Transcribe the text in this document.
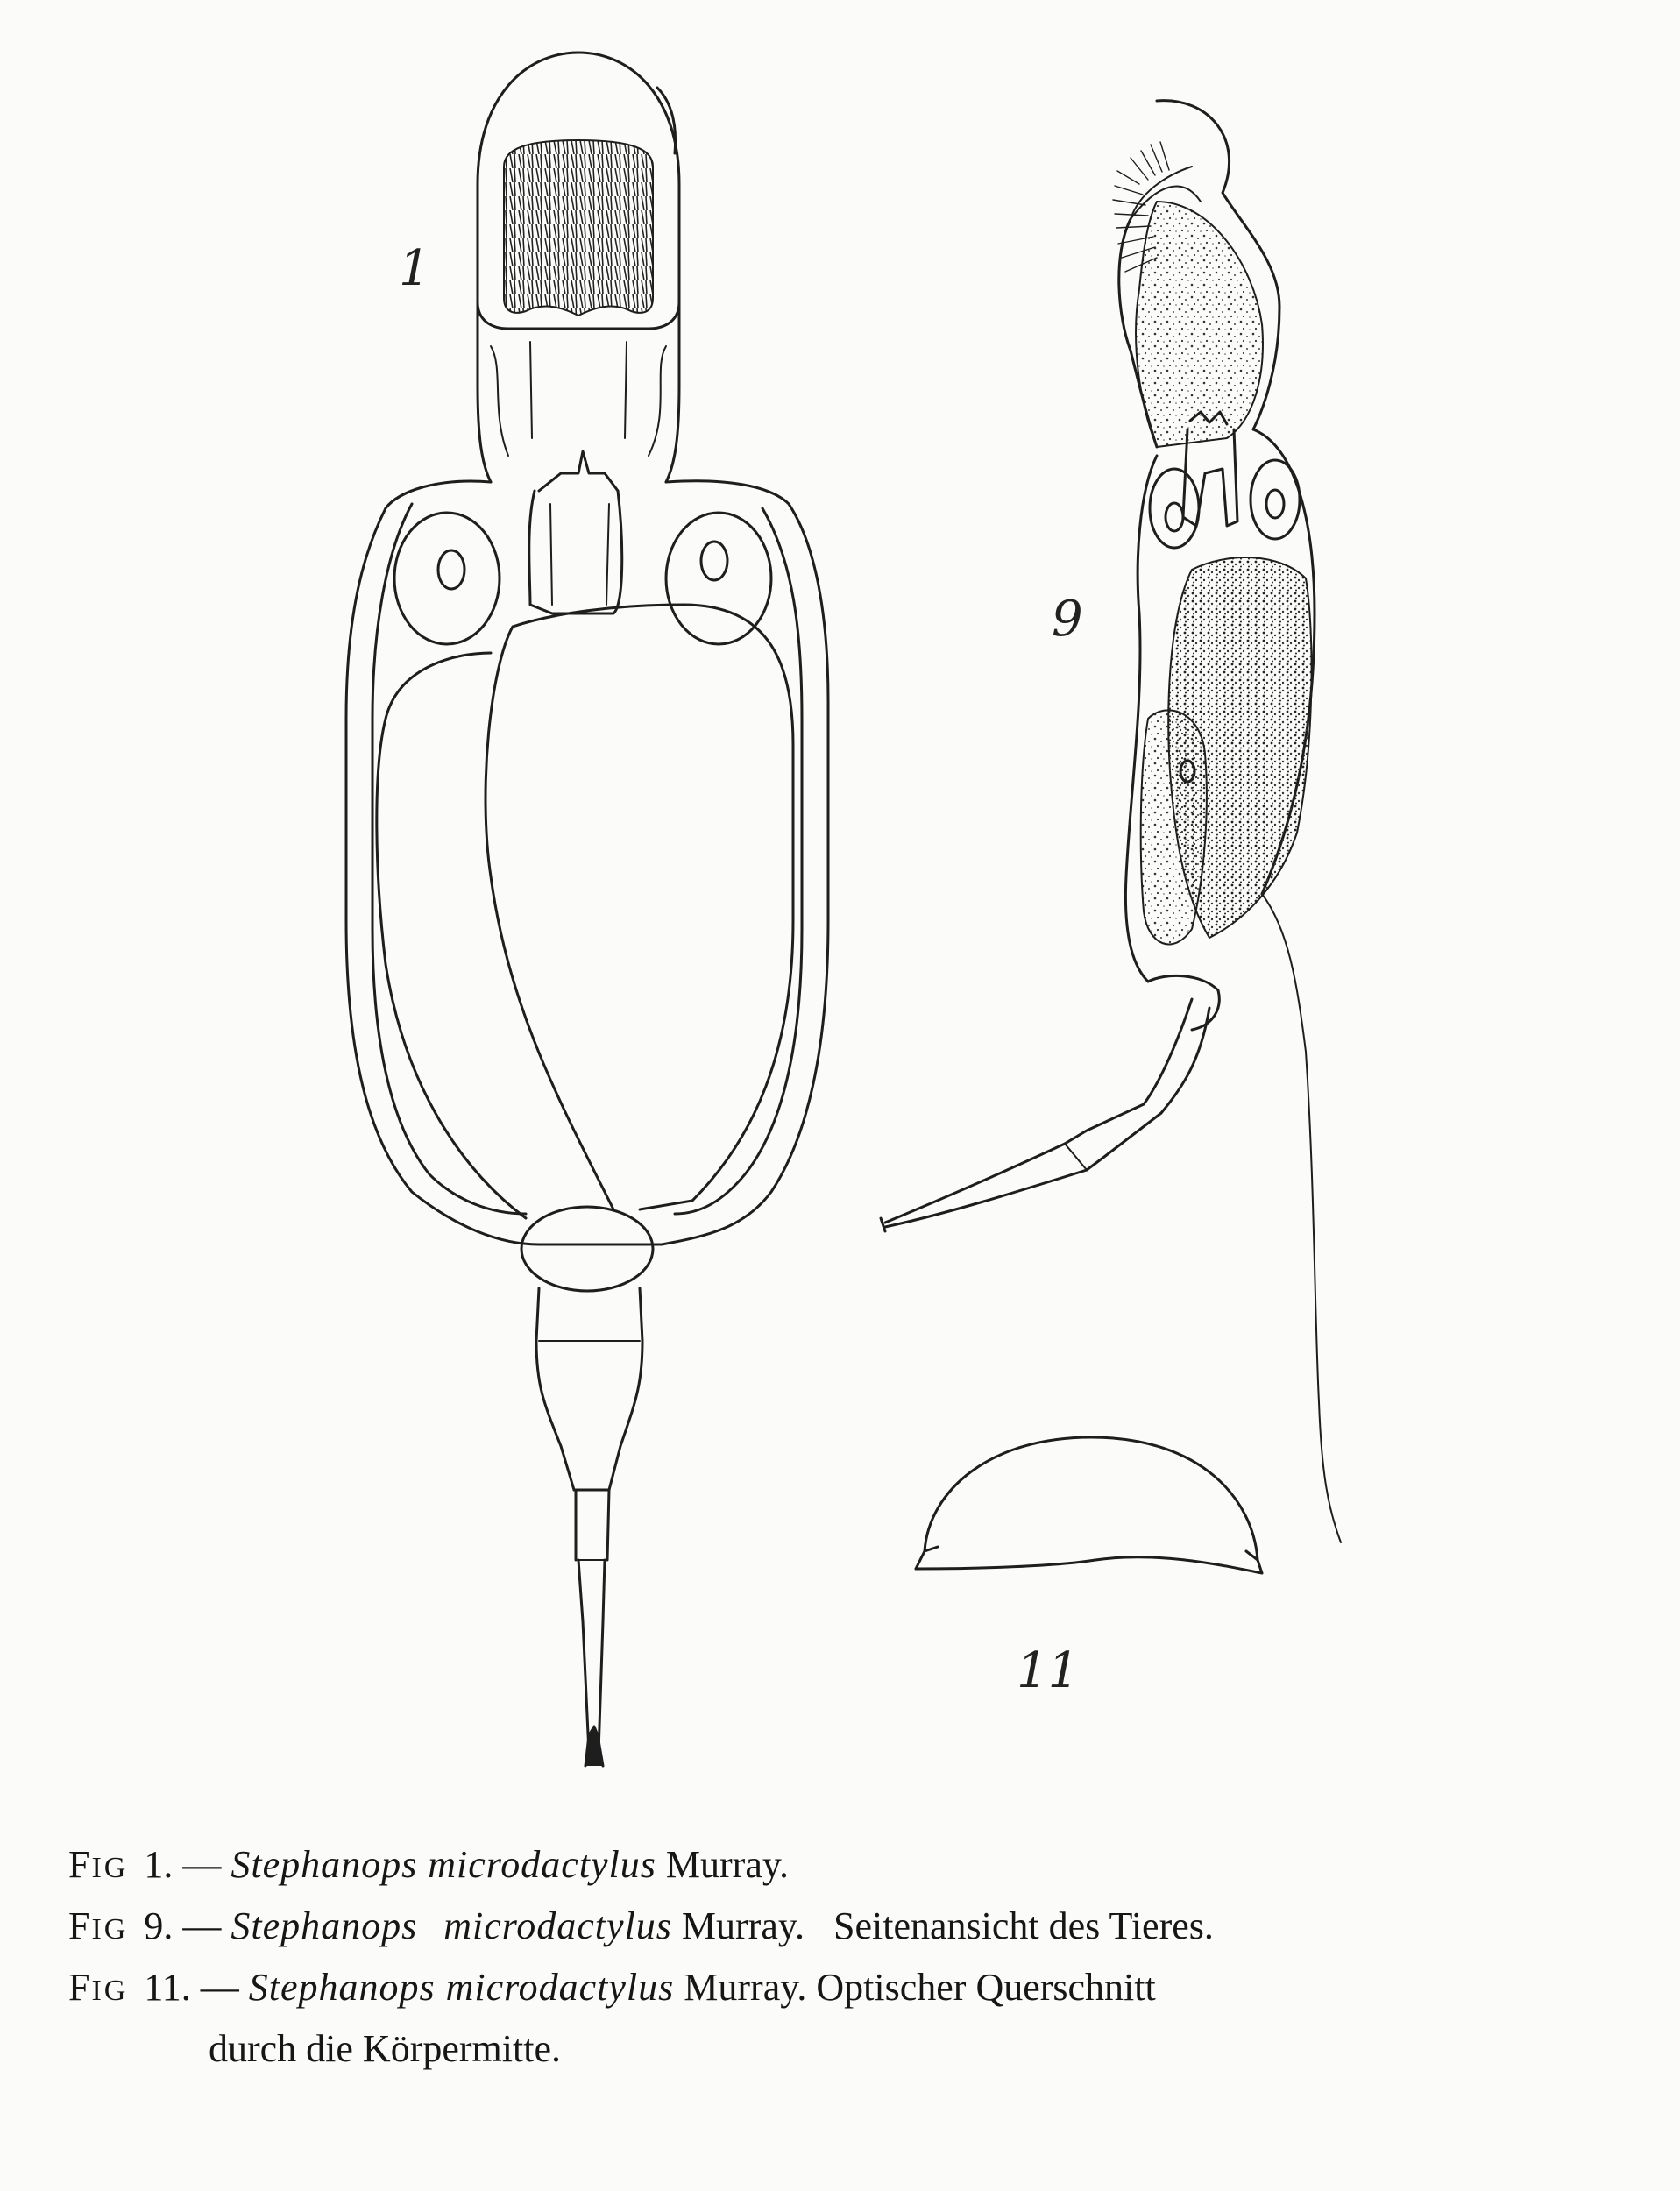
1
9
11
FIG 1. — Stephanops microdactylus Murray.
FIG 9. — Stephanops microdactylus Murray. Seitenansicht des Tieres.
FIG 11. — Stephanops microdactylus Murray. Optischer Querschnitt
durch die Körpermitte.
